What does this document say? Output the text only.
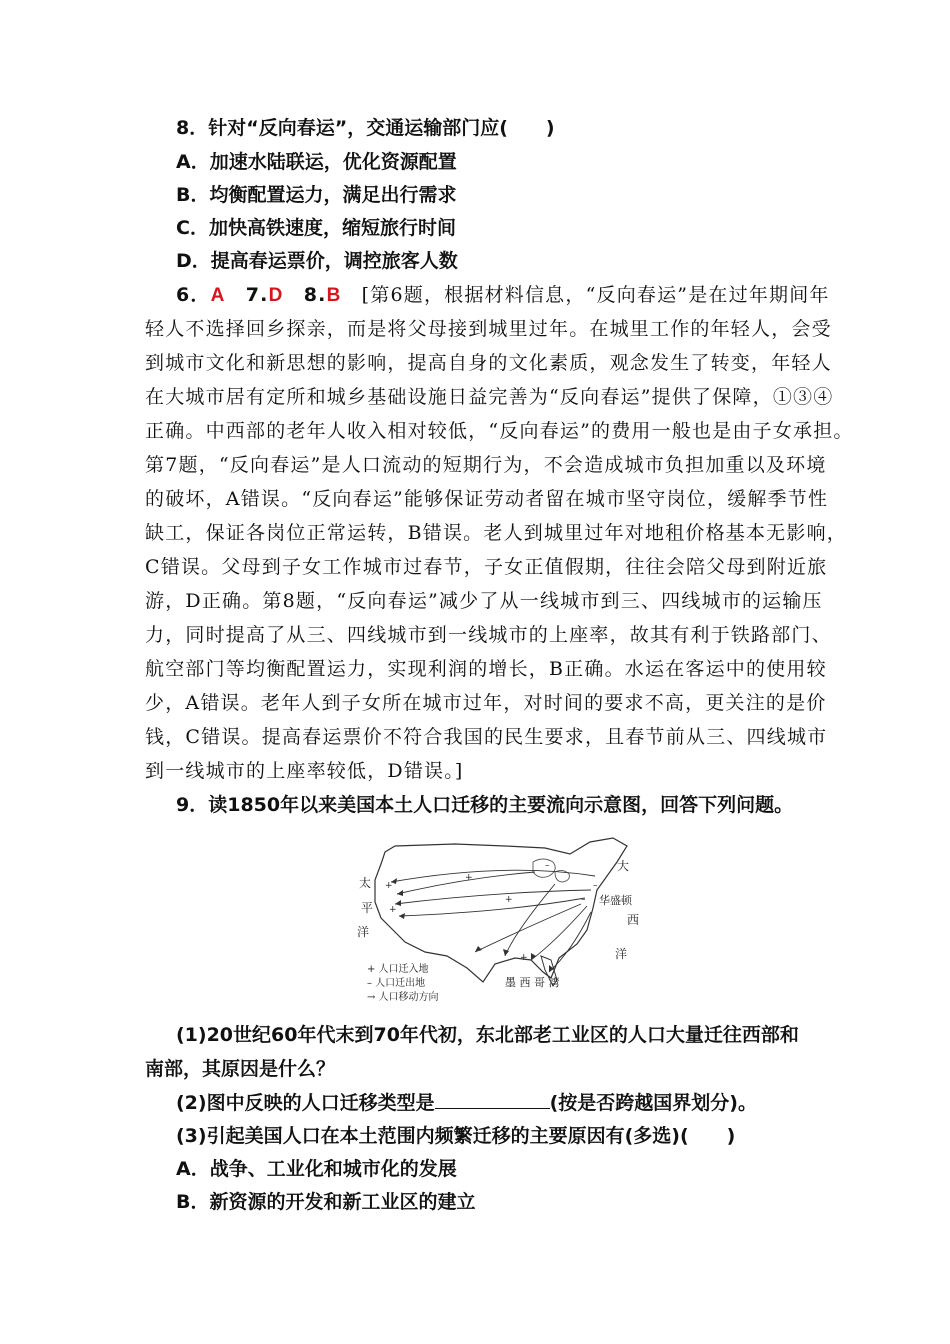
8．针对“反向春运”，交通运输部门应(　　)
A．加速水陆联运，优化资源配置
B．均衡配置运力，满足出行需求
C．加快高铁速度，缩短旅行时间
D．提高春运票价，调控旅客人数
6．A　7.D　8.B　[第6题，根据材料信息，“反向春运”是在过年期间年
轻人不选择回乡探亲，而是将父母接到城里过年。在城里工作的年轻人，会受
到城市文化和新思想的影响，提高自身的文化素质，观念发生了转变，年轻人
在大城市居有定所和城乡基础设施日益完善为“反向春运”提供了保障，①③④
正确。中西部的老年人收入相对较低，“反向春运”的费用一般也是由子女承担。
第7题，“反向春运”是人口流动的短期行为，不会造成城市负担加重以及环境
的破坏，A错误。“反向春运”能够保证劳动者留在城市坚守岗位，缓解季节性
缺工，保证各岗位正常运转，B错误。老人到城里过年对地租价格基本无影响，
C错误。父母到子女工作城市过春节，子女正值假期，往往会陪父母到附近旅
游，D正确。第8题，“反向春运”减少了从一线城市到三、四线城市的运输压
力，同时提高了从三、四线城市到一线城市的上座率，故其有利于铁路部门、
航空部门等均衡配置运力，实现利润的增长，B正确。水运在客运中的使用较
少，A错误。老年人到子女所在城市过年，对时间的要求不高，更关注的是价
钱，C错误。提高春运票价不符合我国的民生要求，且春节前从三、四线城市
到一线城市的上座率较低，D错误。]
9．读1850年以来美国本土人口迁移的主要流向示意图，回答下列问题。
+
+
+
+
+
–
–
–
太
平
洋
大
西
洋
华盛顿
墨 西 哥 湾
+ 人口迁入地
– 人口迁出地
→ 人口移动方向
(1)20世纪60年代末到70年代初，东北部老工业区的人口大量迁往西部和
南部，其原因是什么？
(2)图中反映的人口迁移类型是	(按是否跨越国界划分)。
(3)引起美国人口在本土范围内频繁迁移的主要原因有(多选)(　　)
A．战争、工业化和城市化的发展
B．新资源的开发和新工业区的建立
